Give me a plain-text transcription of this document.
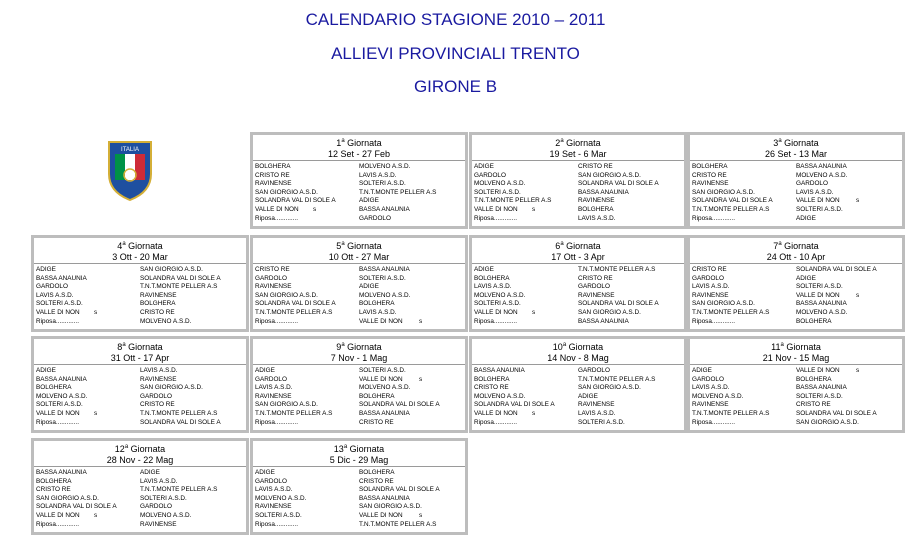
CALENDARIO STAGIONE 2010 – 2011
ALLIEVI PROVINCIALI TRENTO
GIRONE B
ITALIA
1$^a$ Giornata
12 Set - 27 Feb
BOLGHERA	MOLVENO A.S.D.
CRISTO RE	LAVIS A.S.D.
RAVINENSE	SOLTERI A.S.D.
SAN GIORGIO A.S.D.	T.N.T.MONTE PELLER A.S
SOLANDRA VAL DI SOLE A	ADIGE
VALLE DI NON s	BASSA ANAUNIA
Riposa.............	GARDOLO
2$^a$ Giornata
19 Set - 6 Mar
ADIGE	CRISTO RE
GARDOLO	SAN GIORGIO A.S.D.
MOLVENO A.S.D.	SOLANDRA VAL DI SOLE A
SOLTERI A.S.D.	BASSA ANAUNIA
T.N.T.MONTE PELLER A.S	RAVINENSE
VALLE DI NON s	BOLGHERA
Riposa.............	LAVIS A.S.D.
3$^a$ Giornata
26 Set - 13 Mar
BOLGHERA	BASSA ANAUNIA
CRISTO RE	MOLVENO A.S.D.
RAVINENSE	GARDOLO
SAN GIORGIO A.S.D.	LAVIS A.S.D.
SOLANDRA VAL DI SOLE A	VALLE DI NON	s
T.N.T.MONTE PELLER A.S	SOLTERI A.S.D.
Riposa.............	ADIGE
4$^a$ Giornata
3 Ott - 20 Mar
ADIGE	SAN GIORGIO A.S.D.
BASSA ANAUNIA	SOLANDRA VAL DI SOLE A
GARDOLO	T.N.T.MONTE PELLER A.S
LAVIS A.S.D.	RAVINENSE
SOLTERI A.S.D.	BOLGHERA
VALLE DI NON s	CRISTO RE
Riposa.............	MOLVENO A.S.D.
5$^a$ Giornata
10 Ott - 27 Mar
CRISTO RE	BASSA ANAUNIA
GARDOLO	SOLTERI A.S.D.
RAVINENSE	ADIGE
SAN GIORGIO A.S.D.	MOLVENO A.S.D.
SOLANDRA VAL DI SOLE A	BOLGHERA
T.N.T.MONTE PELLER A.S	LAVIS A.S.D.
Riposa.............	VALLE DI NON	s
6$^a$ Giornata
17 Ott - 3 Apr
ADIGE	T.N.T.MONTE PELLER A.S
BOLGHERA	CRISTO RE
LAVIS A.S.D.	GARDOLO
MOLVENO A.S.D.	RAVINENSE
SOLTERI A.S.D.	SOLANDRA VAL DI SOLE A
VALLE DI NON s	SAN GIORGIO A.S.D.
Riposa.............	BASSA ANAUNIA
7$^a$ Giornata
24 Ott - 10 Apr
CRISTO RE	SOLANDRA VAL DI SOLE A
GARDOLO	ADIGE
LAVIS A.S.D.	SOLTERI A.S.D.
RAVINENSE	VALLE DI NON	s
SAN GIORGIO A.S.D.	BASSA ANAUNIA
T.N.T.MONTE PELLER A.S	MOLVENO A.S.D.
Riposa.............	BOLGHERA
8$^a$ Giornata
31 Ott - 17 Apr
ADIGE	LAVIS A.S.D.
BASSA ANAUNIA	RAVINENSE
BOLGHERA	SAN GIORGIO A.S.D.
MOLVENO A.S.D.	GARDOLO
SOLTERI A.S.D.	CRISTO RE
VALLE DI NON s	T.N.T.MONTE PELLER A.S
Riposa.............	SOLANDRA VAL DI SOLE A
9$^a$ Giornata
7 Nov - 1 Mag
ADIGE	SOLTERI A.S.D.
GARDOLO	VALLE DI NON	s
LAVIS A.S.D.	MOLVENO A.S.D.
RAVINENSE	BOLGHERA
SAN GIORGIO A.S.D.	SOLANDRA VAL DI SOLE A
T.N.T.MONTE PELLER A.S	BASSA ANAUNIA
Riposa.............	CRISTO RE
10$^a$ Giornata
14 Nov - 8 Mag
BASSA ANAUNIA	GARDOLO
BOLGHERA	T.N.T.MONTE PELLER A.S
CRISTO RE	SAN GIORGIO A.S.D.
MOLVENO A.S.D.	ADIGE
SOLANDRA VAL DI SOLE A	RAVINENSE
VALLE DI NON s	LAVIS A.S.D.
Riposa.............	SOLTERI A.S.D.
11$^a$ Giornata
21 Nov - 15 Mag
ADIGE	VALLE DI NON	s
GARDOLO	BOLGHERA
LAVIS A.S.D.	BASSA ANAUNIA
MOLVENO A.S.D.	SOLTERI A.S.D.
RAVINENSE	CRISTO RE
T.N.T.MONTE PELLER A.S	SOLANDRA VAL DI SOLE A
Riposa.............	SAN GIORGIO A.S.D.
12$^a$ Giornata
28 Nov - 22 Mag
BASSA ANAUNIA	ADIGE
BOLGHERA	LAVIS A.S.D.
CRISTO RE	T.N.T.MONTE PELLER A.S
SAN GIORGIO A.S.D.	SOLTERI A.S.D.
SOLANDRA VAL DI SOLE A	GARDOLO
VALLE DI NON s	MOLVENO A.S.D.
Riposa.............	RAVINENSE
13$^a$ Giornata
5 Dic - 29 Mag
ADIGE	BOLGHERA
GARDOLO	CRISTO RE
LAVIS A.S.D.	SOLANDRA VAL DI SOLE A
MOLVENO A.S.D.	BASSA ANAUNIA
RAVINENSE	SAN GIORGIO A.S.D.
SOLTERI A.S.D.	VALLE DI NON	s
Riposa.............	T.N.T.MONTE PELLER A.S
